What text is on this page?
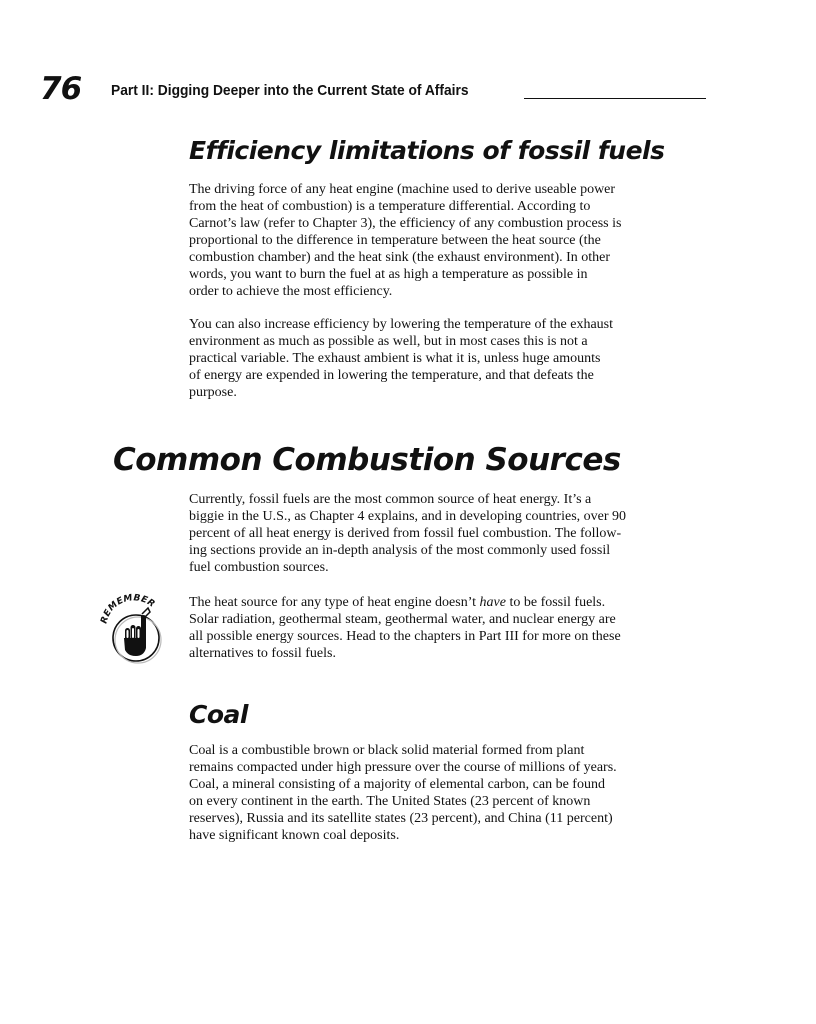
76 Part II: Digging Deeper into the Current State of Affairs
Efficiency limitations of fossil fuels

The driving force of any heat engine (machine used to derive useable power
from the heat of combustion) is a temperature differential. According to
Carnot’s law (refer to Chapter 3), the efficiency of any combustion process is
proportional to the difference in temperature between the heat source (the
combustion chamber) and the heat sink (the exhaust environment). In other
words, you want to burn the fuel at as high a temperature as possible in
order to achieve the most efficiency.

You can also increase efficiency by lowering the temperature of the exhaust
environment as much as possible as well, but in most cases this is not a
practical variable. The exhaust ambient is what it is, unless huge amounts
of energy are expended in lowering the temperature, and that defeats the
purpose.

Common Combustion Sources

Currently, fossil fuels are the most common source of heat energy. It’s a
biggie in the U.S., as Chapter 4 explains, and in developing countries, over 90
percent of all heat energy is derived from fossil fuel combustion. The follow-
ing sections provide an in-depth analysis of the most commonly used fossil
fuel combustion sources.

REMEMBER The heat source for any type of heat engine doesn’t have to be fossil fuels.
Solar radiation, geothermal steam, geothermal water, and nuclear energy are
all possible energy sources. Head to the chapters in Part III for more on these
alternatives to fossil fuels.

Coal

Coal is a combustible brown or black solid material formed from plant
remains compacted under high pressure over the course of millions of years.
Coal, a mineral consisting of a majority of elemental carbon, can be found
on every continent in the earth. The United States (23 percent of known
reserves), Russia and its satellite states (23 percent), and China (11 percent)
have significant known coal deposits.
